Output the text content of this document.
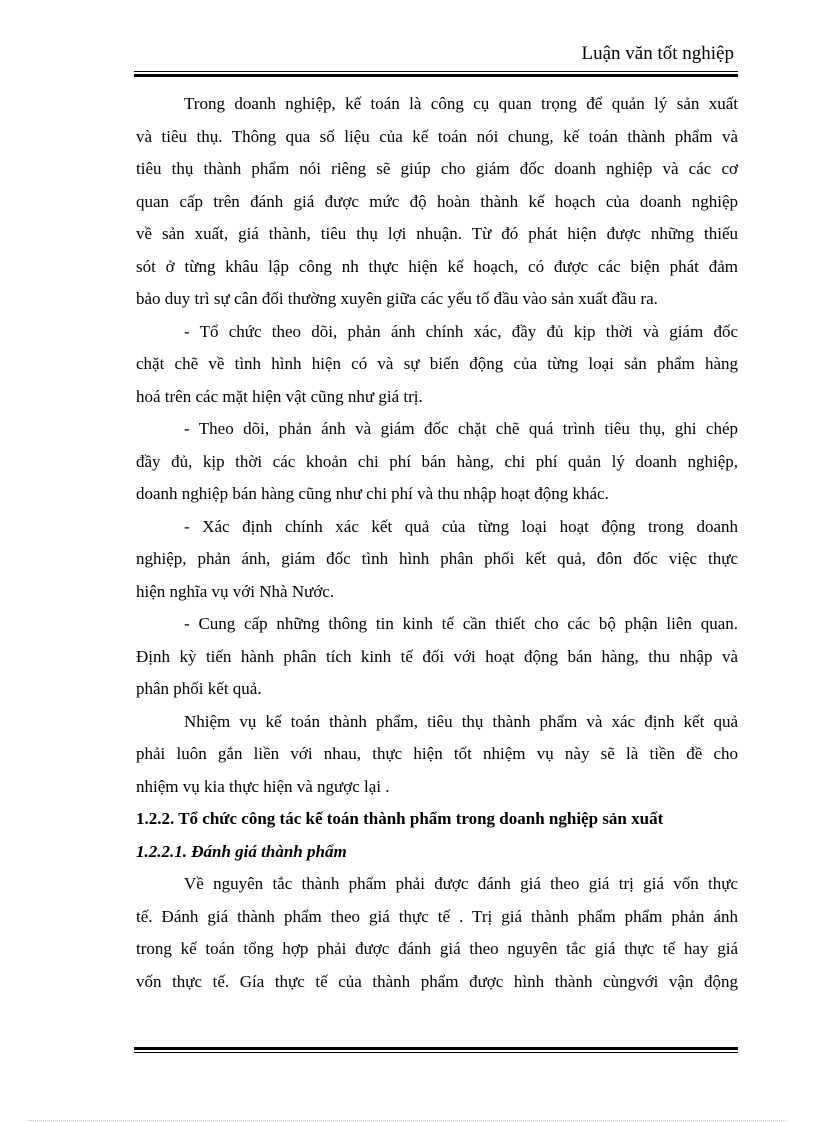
Luận văn tốt nghiệp

Trong doanh nghiệp, kế toán là công cụ quan trọng để quản lý sản xuất

và tiêu thụ. Thông qua số liệu của kế toán nói chung, kế toán thành phẩm và

tiêu thụ thành phẩm nói riêng sẽ giúp cho giám đốc doanh nghiệp và các cơ

quan cấp trên đánh giá được mức độ hoàn thành kế hoạch của doanh nghiệp

về sản xuất, giá thành, tiêu thụ lợi nhuận. Từ đó phát hiện được những thiếu

sót ở từng khâu lập công nh thực hiện kế hoạch, có được các biện phát đảm

bảo duy trì sự cân đối thường xuyên giữa các yếu tố đầu vào sản xuất đầu ra.

- Tổ chức theo dõi, phản ánh chính xác, đầy đủ kịp thời và giám đốc

chặt chẽ về tình hình hiện có và sự biến động của từng loại sản phẩm hàng

hoá trên các mặt hiện vật cũng như giá trị.

- Theo dõi, phản ánh và giám đốc chặt chẽ quá trình tiêu thụ, ghi chép

đầy đủ, kịp thời các khoản chi phí bán hàng, chi phí quản lý doanh nghiệp,

doanh nghiệp bán hàng cũng như chi phí và thu nhập hoạt động khác.

- Xác định chính xác kết quả của từng loại hoạt động trong doanh

nghiệp, phản ánh, giám đốc tình hình phân phối kết quả, đôn đốc việc thực

hiện nghĩa vụ với Nhà Nước.

- Cung cấp những thông tin kinh tế cần thiết cho các bộ phận liên quan.

Định kỳ tiến hành phân tích kinh tế đối với hoạt động bán hàng, thu nhập và

phân phối kết quả.

Nhiệm vụ kế toán thành phẩm, tiêu thụ thành phẩm và xác định kết quả

phải luôn gắn liền với nhau, thực hiện tốt nhiệm vụ này sẽ là tiền đề cho

nhiệm vụ kia thực hiện và ngược lại .

1.2.2. Tổ chức công tác kế toán thành phẩm trong doanh nghiệp sản xuất
1.2.2.1. Đánh giá thành phẩm

Về nguyên tắc thành phẩm phải được đánh giá theo giá trị giá vốn thực

tế. Đánh giá thành phẩm theo giá thực tế . Trị giá thành phẩm phẩm phản ánh

trong kế toán tổng hợp phải được đánh giá theo nguyên tắc giá thực tế hay giá

vốn thực tế. Gía thực tế của thành phẩm được hình thành cùngvới vận động
